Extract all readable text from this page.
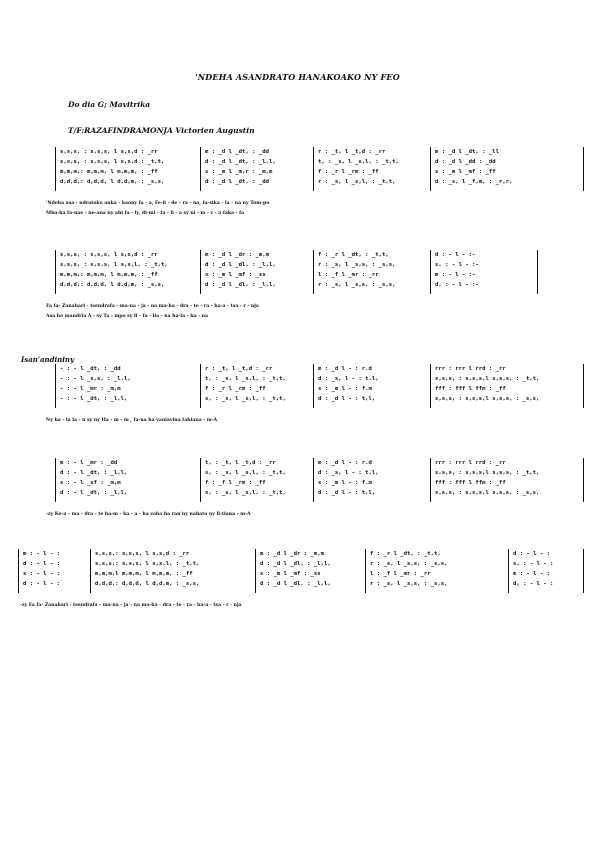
'NDEHA ASANDRATO HANAKOAKO NY FEO
Do dia G; Mavitrika
T/F:RAZAFINDRAMONJA Victorien Augustin
Isan'andininy
s,s,s, : s,s,s, l s,s,d : _rr
s,s,s, : s,s,s, l s,s,d : _t,t,
m,m,m,: m,m,m, l m,m,m, : _ff
d,d,d,: d,d,d, l d,d,m, : _s,s,
m : _d l _dt, : _dd
d : _d l _dt, : _l,l,
s : _m l _m,r : _m,m
d : _d l _dt, : _dd
r : _t, l _t,d : _rr
t, : _s, l _s,l, : _t,t,
f : _r l _rm : _ff
r : _s, l _s,l, : _t,t,
m : _d l _dt, : _ll
d : _d l _dd : _dd
s : _m l _mf : _ff
d : _s, l _f,m, : _r,r,
'Ndeha asa - ndratoko anka - kaony fa - a, Fe-fi - de - ra - na, fa-sika - la - na ny Tom-po
Mba-ha fa-nae - ne-ana ny ahi fa - ly, di-mi - fa - fi - a sy ni - m - v - a faka - fa
s,s,s, : s,s,s, l s,s,d : _rr
s,s,s, : s,s,s, l s,s,l, : _t,t,
m,m,m,: m,m,m, l m,m,m, : _ff
d,d,d,: d,d,d, l d,d,m, : _s,s,
m : _d l _dr : _m,m
d : _d l _dl, : _l,l,
s : _m l _mf : _ss
d : _d l _dl, : _l,l,
f : _r l _dt, : _t,t,
r : _s, l _s,s, : _s,s,
l : _f l _mr : _rr
r : _s, l _s,s, : _s,s,
d : - l - :-
s, : - l - :-
m : - l - :-
d, : - l - :-
Fa fa- Zanahari - tsendrafa - ma-na - ja - na ma-ha - dra - te - ra - ha-a - tsa - r - nja
Asa ho mandria A - sy Ta - mpo sy ll - fa - lla - na ha-la - ha - na
- : - l _dt, : _dd
- : - l _s,s, : _l,l,
- : - l _mr : _m,m
- : - l _dt, : _l,l,
r : _t, l _t,d : _rr
t, : _s, l _s,l, : _t,t,
f : _r l _rm : _ff
s, : _s, l _s,l, : _t,t,
m : _d l - : r.d
d : _s, l - : t,l,
s : _m l - : f.m
d : _d l - : t,l,
rrr : rrr l rrd : _rr
s,s,s, : s,s,s,l s,s,s, : _t,t,
fff : fff l ffm : _ff
s,s,s, : s,s,s,l s,s,s, : _s,s,
Ny ha - la la - n sy ny Ha - m - m , fa-na ha vaniavina tahiana - m-A
m : - l _mr : _dd
d : - l _dt, : _l,l,
s : - l _sf : _m,m
d : - l _dt, : _l,l,
t, : _t, l _t,d : _rr
s, : _s, l _s,l, : _t,t,
f : _f l _rm : _ff
s, : _s, l _s,l, : _t,t,
m : _d l - : r.d
d : _s, l - : t,l,
s : _m l - : f.m
d : _d l - : t,l,
rrr : rrr l rrd : _rr
s,s,s, : s,s,s,l s,s,s, : _t,t,
fff : fff l ffm : _ff
s,s,s, : s,s,s,l s,s,s, : _s,s,
-zy Ke-a - ma - dra - te ha-m - ka - a - ha zaha ha ran'ny nahato ny ll-tiana - m-A
m : - l - :
d : - l - :
s : - l - :
d : - l - :
s,s,s,: s,s,s, l s,s,d : _rr
s,s,s,: s,s,s, l s,s,l, : _t,t,
m,m,m,l m,m,m, l m,m,m, : _ff
d,d,d,: d,d,d, l d,d,m, : _s,s,
m : _d l _dr : _m,m
d : _d l _dl, : _l,l,
s : _m l _mf : _ss
d : _d l _dl, : _l,l,
f : _r l _dt, : _t,t,
r : _s, l _s,s, : _s,s,
l : _f l _mr : _rr
r : _s, l _s,s, : _s,s,
d : - l - :
s, : - l - :
m : - l - :
d, : - l - :
-zy Fa fa- Zanahari - tsendrafa - ma-na - ja - na ma-ha - dra - te - ra - ha-a - tsa - r - nja
